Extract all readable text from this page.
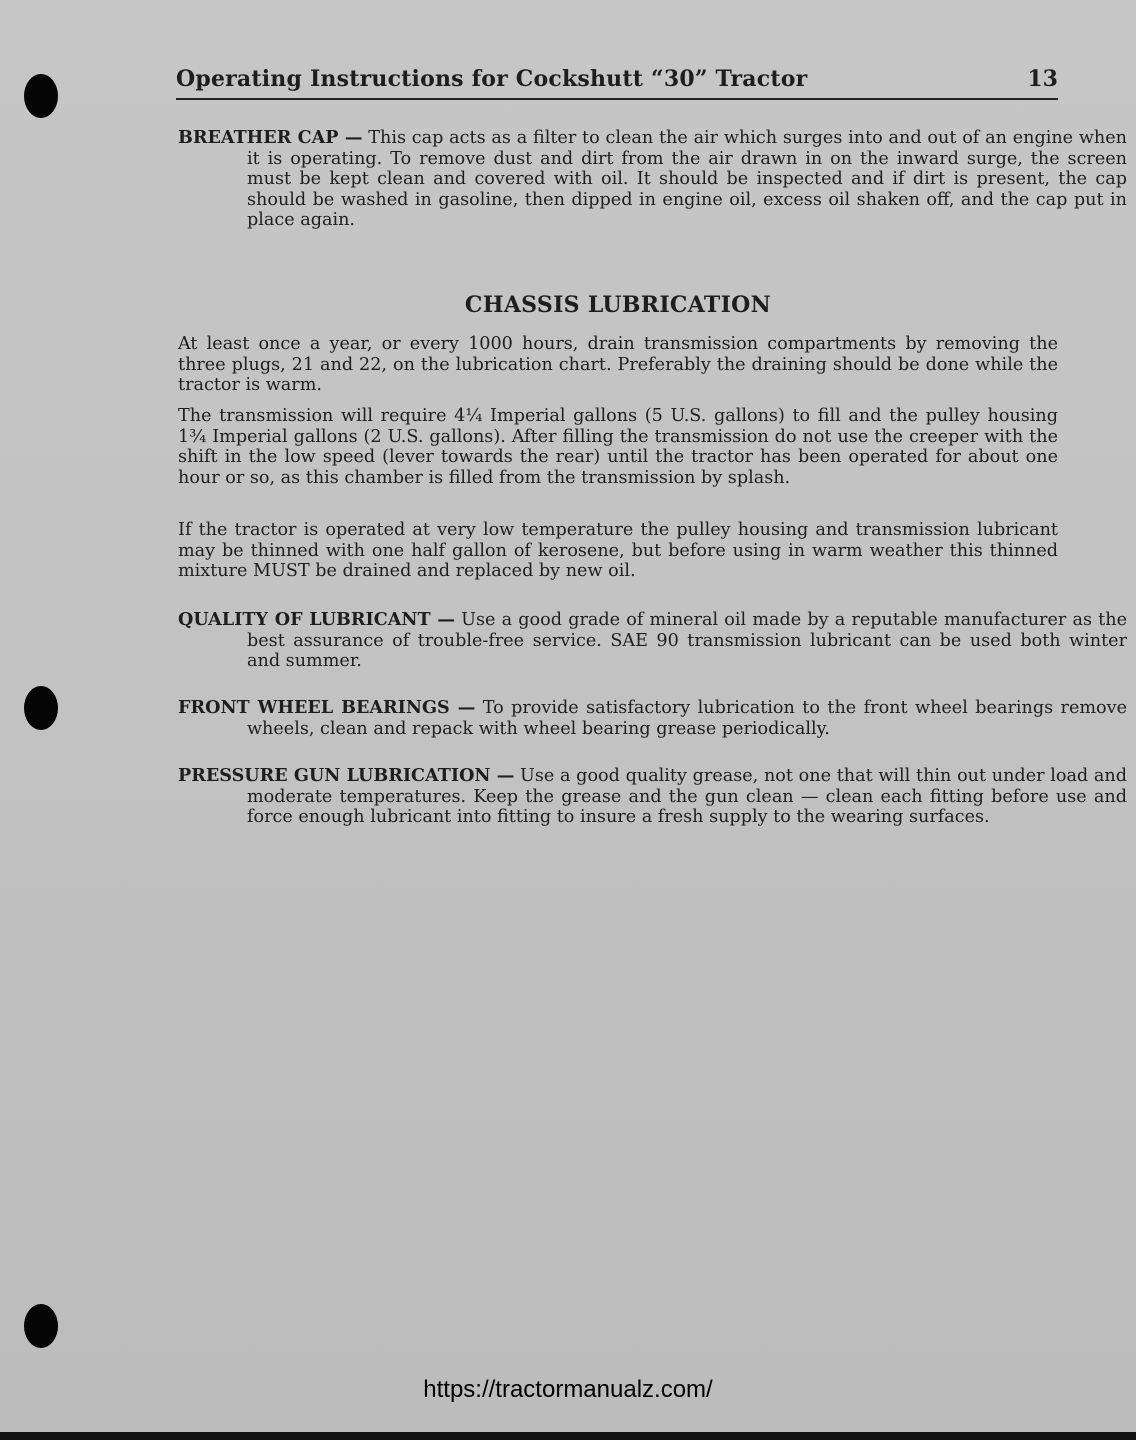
Operating Instructions for Cockshutt “30” Tractor	13
BREATHER CAP — This cap acts as a filter to clean the air which surges into and out of an engine when it is operating. To remove dust and dirt from the air drawn in on the inward surge, the screen must be kept clean and covered with oil. It should be inspected and if dirt is present, the cap should be washed in gasoline, then dipped in engine oil, excess oil shaken off, and the cap put in place again.
CHASSIS LUBRICATION
At least once a year, or every 1000 hours, drain transmission compartments by removing the three plugs, 21 and 22, on the lubrication chart. Preferably the draining should be done while the tractor is warm.
The transmission will require 4¼ Imperial gallons (5 U.S. gallons) to fill and the pulley housing 1¾ Imperial gallons (2 U.S. gallons). After filling the transmission do not use the creeper with the shift in the low speed (lever towards the rear) until the tractor has been operated for about one hour or so, as this chamber is filled from the transmission by splash.
If the tractor is operated at very low temperature the pulley housing and transmission lubricant may be thinned with one half gallon of kerosene, but before using in warm weather this thinned mixture MUST be drained and replaced by new oil.
QUALITY OF LUBRICANT — Use a good grade of mineral oil made by a reputable manufacturer as the best assurance of trouble-free service. SAE 90 transmission lubricant can be used both winter and summer.
FRONT WHEEL BEARINGS — To provide satisfactory lubrication to the front wheel bearings remove wheels, clean and repack with wheel bearing grease periodically.
PRESSURE GUN LUBRICATION — Use a good quality grease, not one that will thin out under load and moderate temperatures. Keep the grease and the gun clean — clean each fitting before use and force enough lubricant into fitting to insure a fresh supply to the wearing surfaces.
https://tractormanualz.com/
